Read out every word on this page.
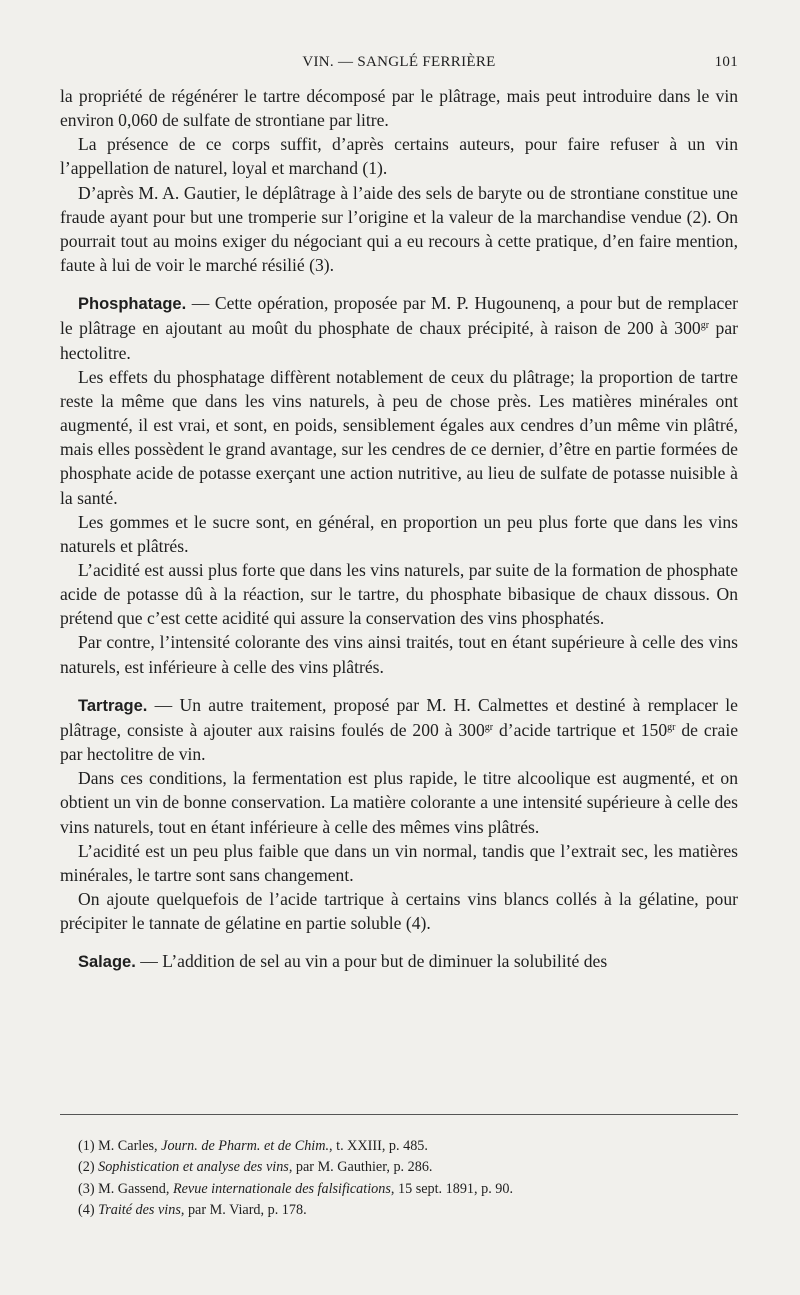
VIN. — SANGLÉ FERRIÈRE	101

la propriété de régénérer le tartre décomposé par le plâtrage, mais peut introduire dans le vin environ 0,060 de sulfate de strontiane par litre.

La présence de ce corps suffit, d’après certains auteurs, pour faire refuser à un vin l’appellation de naturel, loyal et marchand (1).

D’après M. A. Gautier, le déplâtrage à l’aide des sels de baryte ou de strontiane constitue une fraude ayant pour but une tromperie sur l’origine et la valeur de la marchandise vendue (2). On pourrait tout au moins exiger du négociant qui a eu recours à cette pratique, d’en faire mention, faute à lui de voir le marché résilié (3).

Phosphatage. — Cette opération, proposée par M. P. Hugounenq, a pour but de remplacer le plâtrage en ajoutant au moût du phosphate de chaux précipité, à raison de 200 à $300^{gr}$ par hectolitre.

Les effets du phosphatage diffèrent notablement de ceux du plâtrage; la proportion de tartre reste la même que dans les vins naturels, à peu de chose près. Les matières minérales ont augmenté, il est vrai, et sont, en poids, sensiblement égales aux cendres d’un même vin plâtré, mais elles possèdent le grand avantage, sur les cendres de ce dernier, d’être en partie formées de phosphate acide de potasse exerçant une action nutritive, au lieu de sulfate de potasse nuisible à la santé.

Les gommes et le sucre sont, en général, en proportion un peu plus forte que dans les vins naturels et plâtrés.

L’acidité est aussi plus forte que dans les vins naturels, par suite de la formation de phosphate acide de potasse dû à la réaction, sur le tartre, du phosphate bibasique de chaux dissous. On prétend que c’est cette acidité qui assure la conservation des vins phosphatés.

Par contre, l’intensité colorante des vins ainsi traités, tout en étant supérieure à celle des vins naturels, est inférieure à celle des vins plâtrés.

Tartrage. — Un autre traitement, proposé par M. H. Calmettes et destiné à remplacer le plâtrage, consiste à ajouter aux raisins foulés de 200 à $300^{gr}$ d’acide tartrique et $150^{gr}$ de craie par hectolitre de vin.

Dans ces conditions, la fermentation est plus rapide, le titre alcoolique est augmenté, et on obtient un vin de bonne conservation. La matière colorante a une intensité supérieure à celle des vins naturels, tout en étant inférieure à celle des mêmes vins plâtrés.

L’acidité est un peu plus faible que dans un vin normal, tandis que l’extrait sec, les matières minérales, le tartre sont sans changement.

On ajoute quelquefois de l’acide tartrique à certains vins blancs collés à la gélatine, pour précipiter le tannate de gélatine en partie soluble (4).

Salage. — L’addition de sel au vin a pour but de diminuer la solubilité des

(1) M. Carles, Journ. de Pharm. et de Chim., t. XXIII, p. 485.
(2) Sophistication et analyse des vins, par M. Gauthier, p. 286.
(3) M. Gassend, Revue internationale des falsifications, 15 sept. 1891, p. 90.
(4) Traité des vins, par M. Viard, p. 178.
